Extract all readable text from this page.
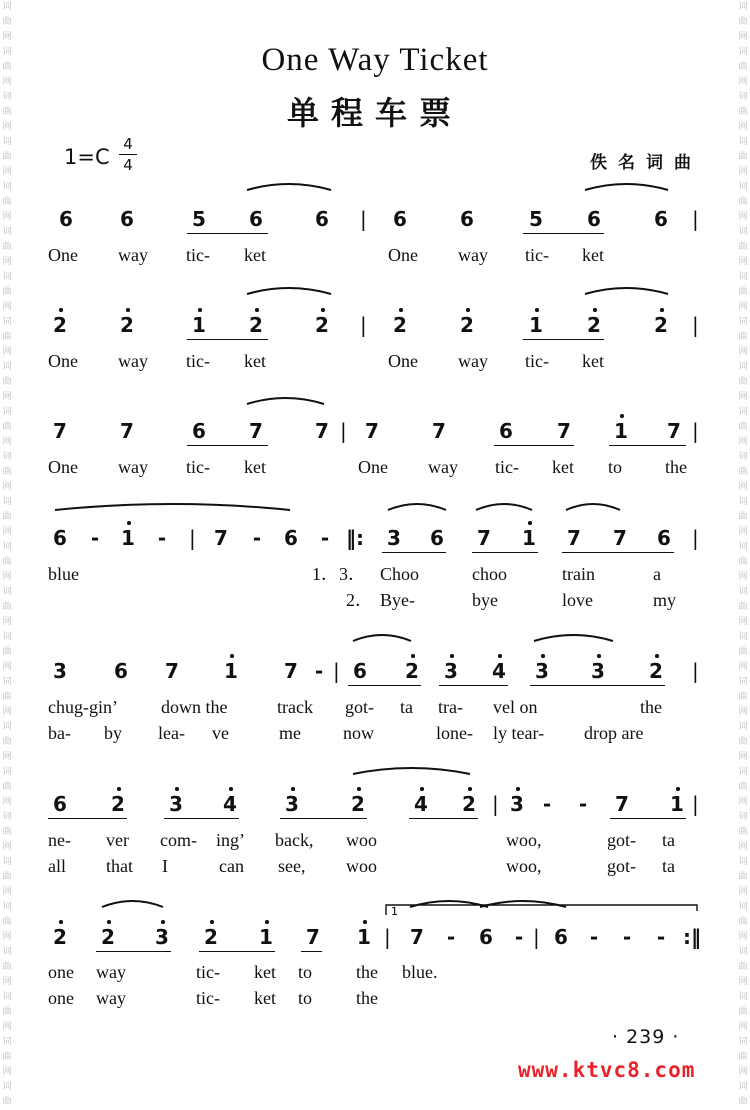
词
曲
网
词
曲
网
词
曲
网
词
曲
网
词
曲
网
词
曲
网
词
曲
网
词
曲
网
词
曲
网
词
曲
网
词
曲
网
词
曲
网
词
曲
网
词
曲
网
词
曲
网
词
曲
网
词
曲
网
词
曲
网
词
曲
网
词
曲
网
词
曲
网
词
曲
网
词
曲
网
词
曲
网
词
曲
词
曲
网
词
曲
网
词
曲
网
词
曲
网
词
曲
网
词
曲
网
词
曲
网
词
曲
网
词
曲
网
词
曲
网
词
曲
网
词
曲
网
词
曲
网
词
曲
网
词
曲
网
词
曲
网
词
曲
网
词
曲
网
词
曲
网
词
曲
网
词
曲
网
词
曲
网
词
曲
网
词
曲
网
词
曲
One Way Ticket
单程车票
1=C
4
4	佚名词曲
6 6	5 6	6	6	6	5 6	6
|	|
2	2	1 2	2	2	2	1 2	2
|	|
7	7	6 7	7 7	7	6 7 1 7
|	|
6 - 1 - 7 - 6 -	3 6 7 1 7 7 6
|	‖:	|
3 6 7 1 7 - 6 2 3 4 3 3 2
|	|
6 2 3 4 3	2 4 2 3 - - 7 1
|	|
2 2 3 2 1 7 1 7 - 6 - 6 - - -
|	|	:‖
1
One way tic- ket	One way tic- ket
One way tic- ket	One way tic- ket
One way tic- ket	One way tic- ket to the
blue	1．3． Choo	choo	train	a
2． Bye-	bye	love	my
chug-gin’ down the	track got- ta tra- vel on	the
ba- by lea- ve	me now	lone- ly tear- drop are
ne- ver com- ing’ back, woo	woo,	got- ta
all that I	can see, woo	woo,	got- ta
one way	tic- ket to the blue.
one way	tic- ket to the
· 239 ·
www.ktvc8.com
